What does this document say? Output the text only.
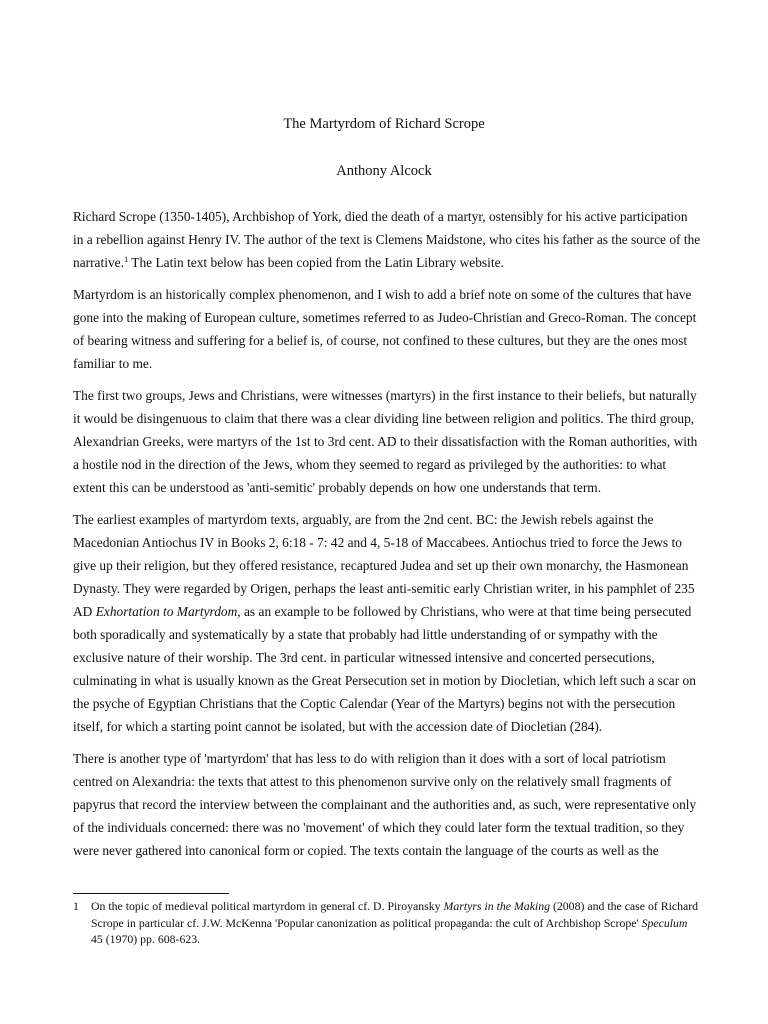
The Martyrdom of Richard Scrope
Anthony Alcock

Richard Scrope (1350-1405), Archbishop of York, died the death of a martyr, ostensibly for his active participation in a rebellion against Henry IV. The author of the text is Clemens Maidstone, who cites his father as the source of the narrative.$^1$ The Latin text below has been copied from the Latin Library website.

Martyrdom is an historically complex phenomenon, and I wish to add a brief note on some of the cultures that have gone into the making of European culture, sometimes referred to as Judeo-Christian and Greco-Roman. The concept of bearing witness and suffering for a belief is, of course, not confined to these cultures, but they are the ones most familiar to me.

The first two groups, Jews and Christians, were witnesses (martyrs) in the first instance to their beliefs, but naturally it would be disingenuous to claim that there was a clear dividing line between religion and politics. The third group, Alexandrian Greeks, were martyrs of the 1st to 3rd cent. AD to their dissatisfaction with the Roman authorities, with a hostile nod in the direction of the Jews, whom they seemed to regard as privileged by the authorities: to what extent this can be understood as 'anti-semitic' probably depends on how one understands that term.

The earliest examples of martyrdom texts, arguably, are from the 2nd cent. BC: the Jewish rebels against the Macedonian Antiochus IV in Books 2, 6:18 - 7: 42 and 4, 5-18 of Maccabees. Antiochus tried to force the Jews to give up their religion, but they offered resistance, recaptured Judea and set up their own monarchy, the Hasmonean Dynasty. They were regarded by Origen, perhaps the least anti-semitic early Christian writer, in his pamphlet of 235 AD Exhortation to Martyrdom, as an example to be followed by Christians, who were at that time being persecuted both sporadically and systematically by a state that probably had little understanding of or sympathy with the exclusive nature of their worship. The 3rd cent. in particular witnessed intensive and concerted persecutions, culminating in what is usually known as the Great Persecution set in motion by Diocletian, which left such a scar on the psyche of Egyptian Christians that the Coptic Calendar (Year of the Martyrs) begins not with the persecution itself, for which a starting point cannot be isolated, but with the accession date of Diocletian (284).

There is another type of 'martyrdom' that has less to do with religion than it does with a sort of local patriotism centred on Alexandria: the texts that attest to this phenomenon survive only on the relatively small fragments of papyrus that record the interview between the complainant and the authorities and, as such, were representative only of the individuals concerned: there was no 'movement' of which they could later form the textual tradition, so they were never gathered into canonical form or copied. The texts contain the language of the courts as well as the

1	On the topic of medieval political martyrdom in general cf. D. Piroyansky Martyrs in the Making (2008) and the case of Richard Scrope in particular cf. J.W. McKenna 'Popular canonization as political propaganda: the cult of Archbishop Scrope' Speculum 45 (1970) pp. 608-623.
